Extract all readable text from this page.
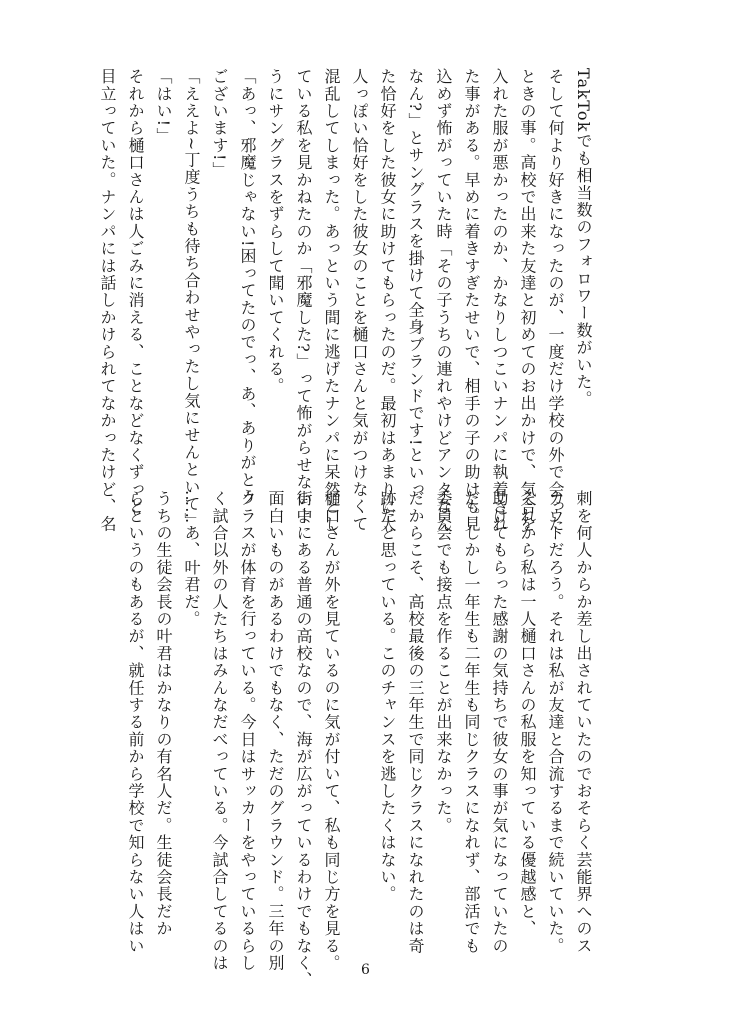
TakTokでも相当数のフォロワー数がいた。
そして何より好きになったのが、一度だけ学校の外で会った
ときの事。高校で出来た友達と初めてのお出かけで、気合を
入れた服が悪かったのか、かなりしつこいナンパに執着され
た事がある。早めに着きすぎたせいで、相手の子の助けも見
込めず怖がっていた時「その子うちの連れやけどアンタなん
なん?」とサングラスを掛けて全身ブランドです!といっ
た恰好をした彼女に助けてもらったのだ。最初はあまりに大
人っぽい恰好をした彼女のことを樋口さんと気がつけなくて
混乱してしまった。あっという間に逃げたナンパに呆然とし
ている私を見かねたのか「邪魔した?」って怖がらせないよ
うにサングラスをずらして聞いてくれる。
「あっ、邪魔じゃない!困ってたのでっ、あ、ありがとう
ございます!」
「ええよ~丁度うちも待ち合わせやったし気にせんといて」
「はい!」
それから樋口さんは人ごみに消える、ことなどなくずっと
目立っていた。ナンパには話しかけられてなかったけど、名
刺を何人からか差し出されていたのでおそらく芸能界へのス
カウトだろう。それは私が友達と合流するまで続いていた。
それから私は一人樋口さんの私服を知っている優越感と、
助けてもらった感謝の気持ちで彼女の事が気になっていたの
だ。しかし一年生も二年生も同じクラスになれず、部活でも
委員会でも接点を作ることが出来なかった。
だからこそ、高校最後の三年生で同じクラスになれたのは奇
跡だと思っている。このチャンスを逃したくはない。

樋口さんが外を見ているのに気が付いて、私も同じ方を見る。
街中にある普通の高校なので、海が広がっているわけでもなく、
面白いものがあるわけでもなく、ただのグラウンド。三年の別
クラスが体育を行っている。今日はサッカーをやっているらし
く試合以外の人たちはみんなだべっている。今試合してるのは
……あ、叶君だ。
うちの生徒会長の叶君はかなりの有名人だ。生徒会長だか
らというのもあるが、就任する前から学校で知らない人はい
6
